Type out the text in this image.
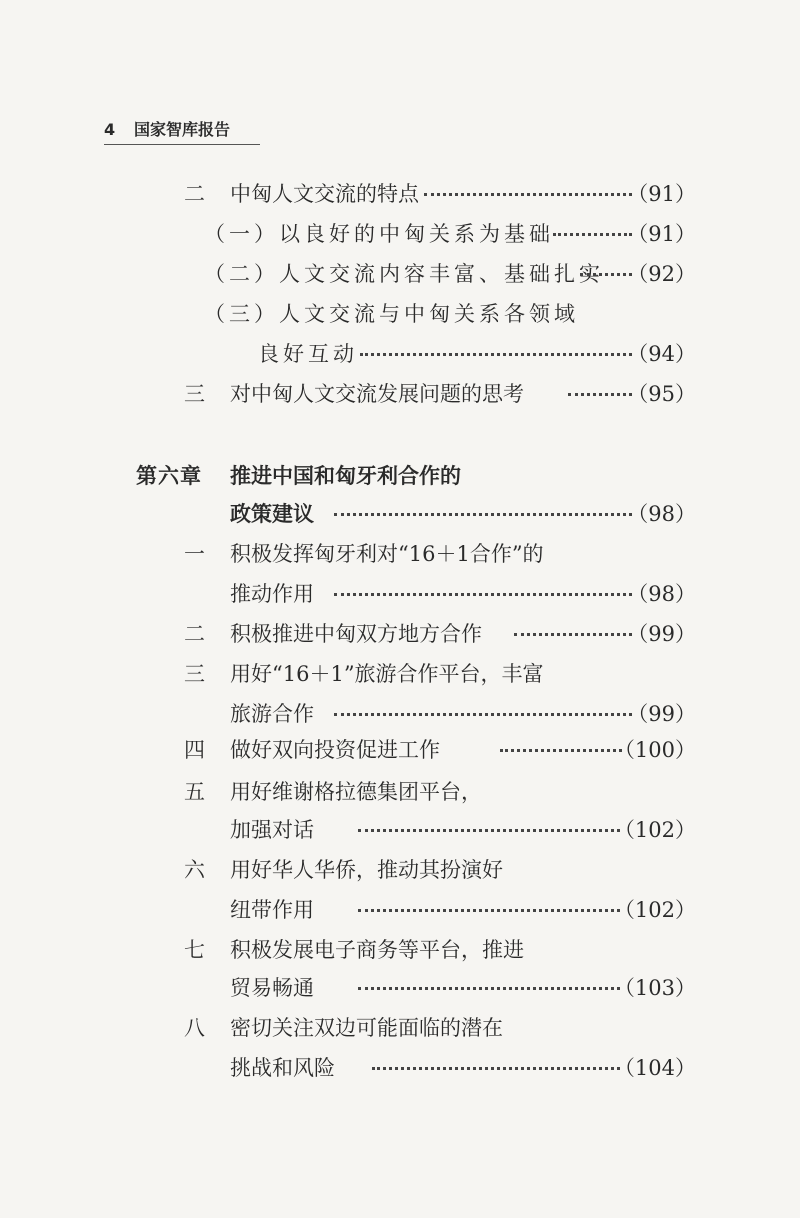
4 国家智库报告
二 中匈人文交流的特点	（91）
（一）以良好的中匈关系为基础	（91）
（二）人文交流内容丰富、基础扎实 （92）
（三）人文交流与中匈关系各领域
良好互动	（94）
三 对中匈人文交流发展问题的思考	（95）
第六章 推进中国和匈牙利合作的
政策建议	（98）
一 积极发挥匈牙利对“16＋1合作”的
推动作用	（98）
二 积极推进中匈双方地方合作	（99）
三 用好“16＋1”旅游合作平台，丰富
旅游合作	（99）
四 做好双向投资促进工作	（100）
五 用好维谢格拉德集团平台，
加强对话	（102）
六 用好华人华侨，推动其扮演好
纽带作用	（102）
七 积极发展电子商务等平台，推进
贸易畅通	（103）
八 密切关注双边可能面临的潜在
挑战和风险	（104）
